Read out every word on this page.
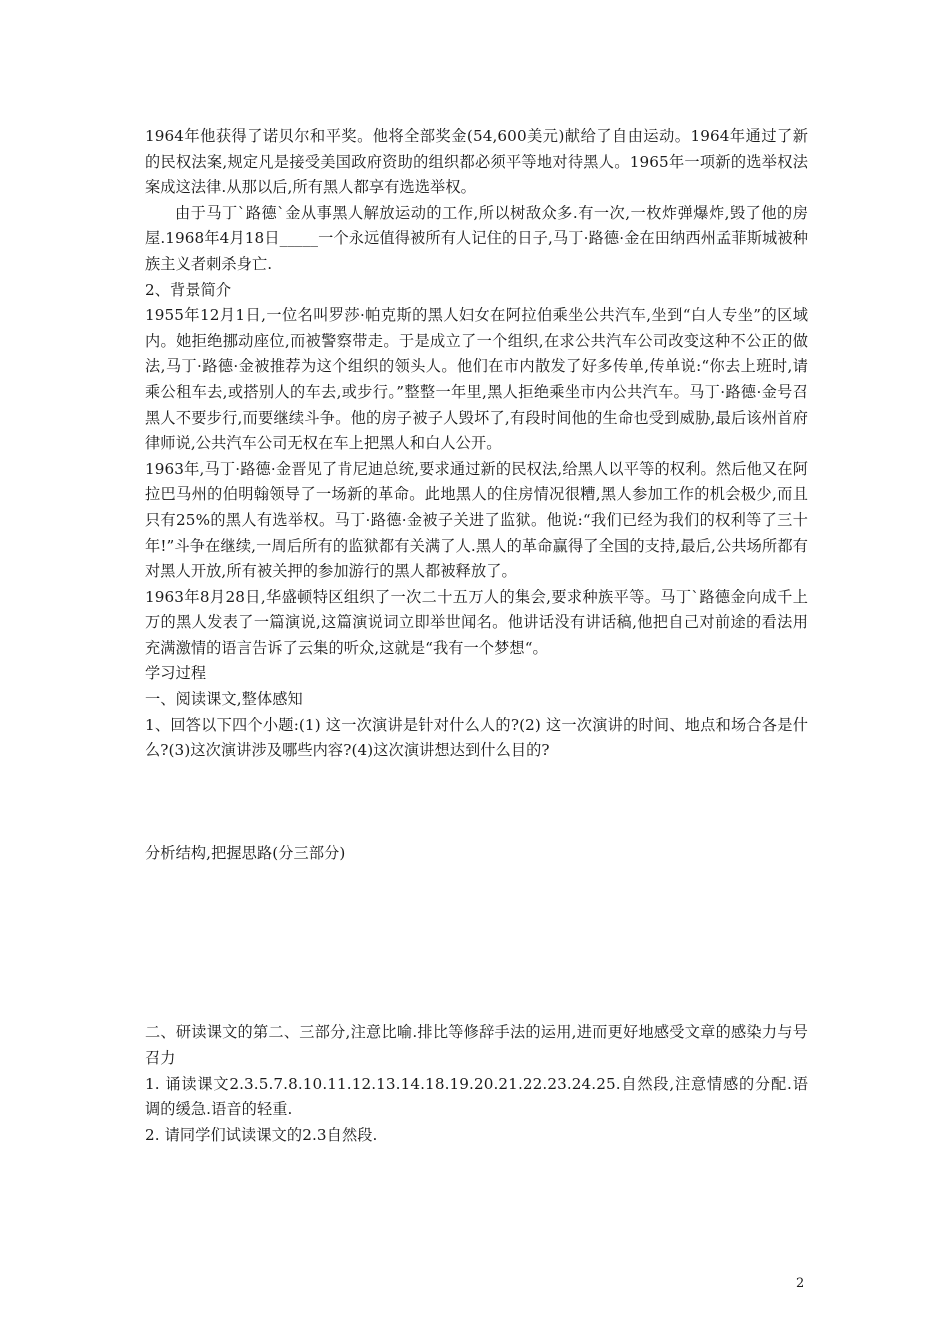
1964年他获得了诺贝尔和平奖。他将全部奖金(54,600美元)献给了自由运动。1964年通过了新的民权法案,规定凡是接受美国政府资助的组织都必须平等地对待黑人。1965年一项新的选举权法案成这法律.从那以后,所有黑人都享有选选举权。

由于马丁`路德`金从事黑人解放运动的工作,所以树敌众多.有一次,一枚炸弹爆炸,毁了他的房屋.1968年4月18日_____一个永远值得被所有人记住的日子,马丁·路德·金在田纳西州孟菲斯城被种族主义者刺杀身亡.

2、背景简介

1955年12月1日,一位名叫罗莎·帕克斯的黑人妇女在阿拉伯乘坐公共汽车,坐到“白人专坐”的区域内。她拒绝挪动座位,而被警察带走。于是成立了一个组织,在求公共汽车公司改变这种不公正的做法,马丁·路德·金被推荐为这个组织的领头人。他们在市内散发了好多传单,传单说:“你去上班时,请乘公租车去,或搭别人的车去,或步行。”整整一年里,黑人拒绝乘坐市内公共汽车。马丁·路德·金号召黑人不要步行,而要继续斗争。他的房子被子人毁坏了,有段时间他的生命也受到威胁,最后该州首府律师说,公共汽车公司无权在车上把黑人和白人公开。

1963年,马丁·路德·金晋见了肯尼迪总统,要求通过新的民权法,给黑人以平等的权利。然后他又在阿拉巴马州的伯明翰领导了一场新的革命。此地黑人的住房情况很糟,黑人参加工作的机会极少,而且只有25%的黑人有选举权。马丁·路德·金被子关进了监狱。他说:“我们已经为我们的权利等了三十年!”斗争在继续,一周后所有的监狱都有关满了人.黑人的革命赢得了全国的支持,最后,公共场所都有对黑人开放,所有被关押的参加游行的黑人都被释放了。

1963年8月28日,华盛顿特区组织了一次二十五万人的集会,要求种族平等。马丁`路德金向成千上万的黑人发表了一篇演说,这篇演说词立即举世闻名。他讲话没有讲话稿,他把自己对前途的看法用充满激情的语言告诉了云集的听众,这就是“我有一个梦想“。

学习过程

一、阅读课文,整体感知

1、回答以下四个小题:(1) 这一次演讲是针对什么人的?(2) 这一次演讲的时间、地点和场合各是什么?(3)这次演讲涉及哪些内容?(4)这次演讲想达到什么目的?

分析结构,把握思路(分三部分)

二、研读课文的第二、三部分,注意比喻.排比等修辞手法的运用,进而更好地感受文章的感染力与号召力

1. 诵读课文2.3.5.7.8.10.11.12.13.14.18.19.20.21.22.23.24.25.自然段,注意情感的分配.语调的缓急.语音的轻重.

2. 请同学们试读课文的2.3自然段.

2
